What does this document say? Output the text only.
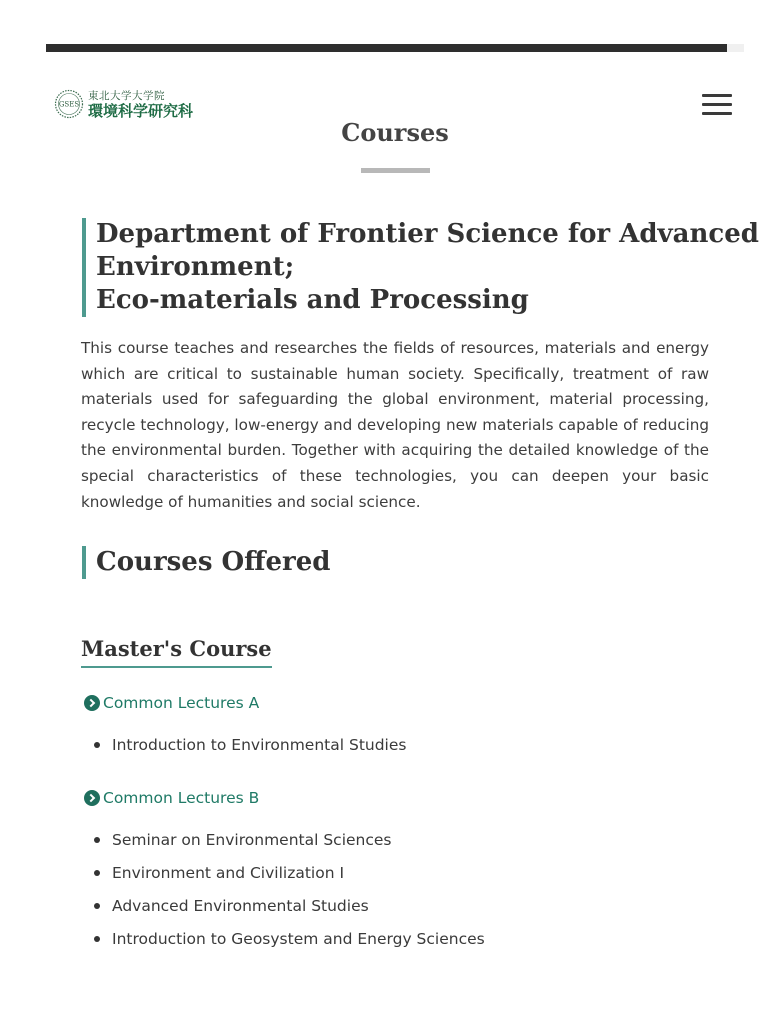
GSES
東北大学大学院
環境科学研究科
Courses
Department of Frontier Science for Advanced
Environment;
Eco-materials and Processing

This course teaches and researches the fields of resources, materials and energy which are critical to sustainable human society. Specifically, treatment of raw materials used for safeguarding the global environment, material processing, recycle technology, low-energy and developing new materials capable of reducing the environmental burden. Together with acquiring the detailed knowledge of the special characteristics of these technologies, you can deepen your basic knowledge of humanities and social science.

Courses Offered
Master's Course
Common Lectures A
Introduction to Environmental Studies
Common Lectures B
Seminar on Environmental Sciences
Environment and Civilization Ⅰ
Advanced Environmental Studies
Introduction to Geosystem and Energy Sciences
